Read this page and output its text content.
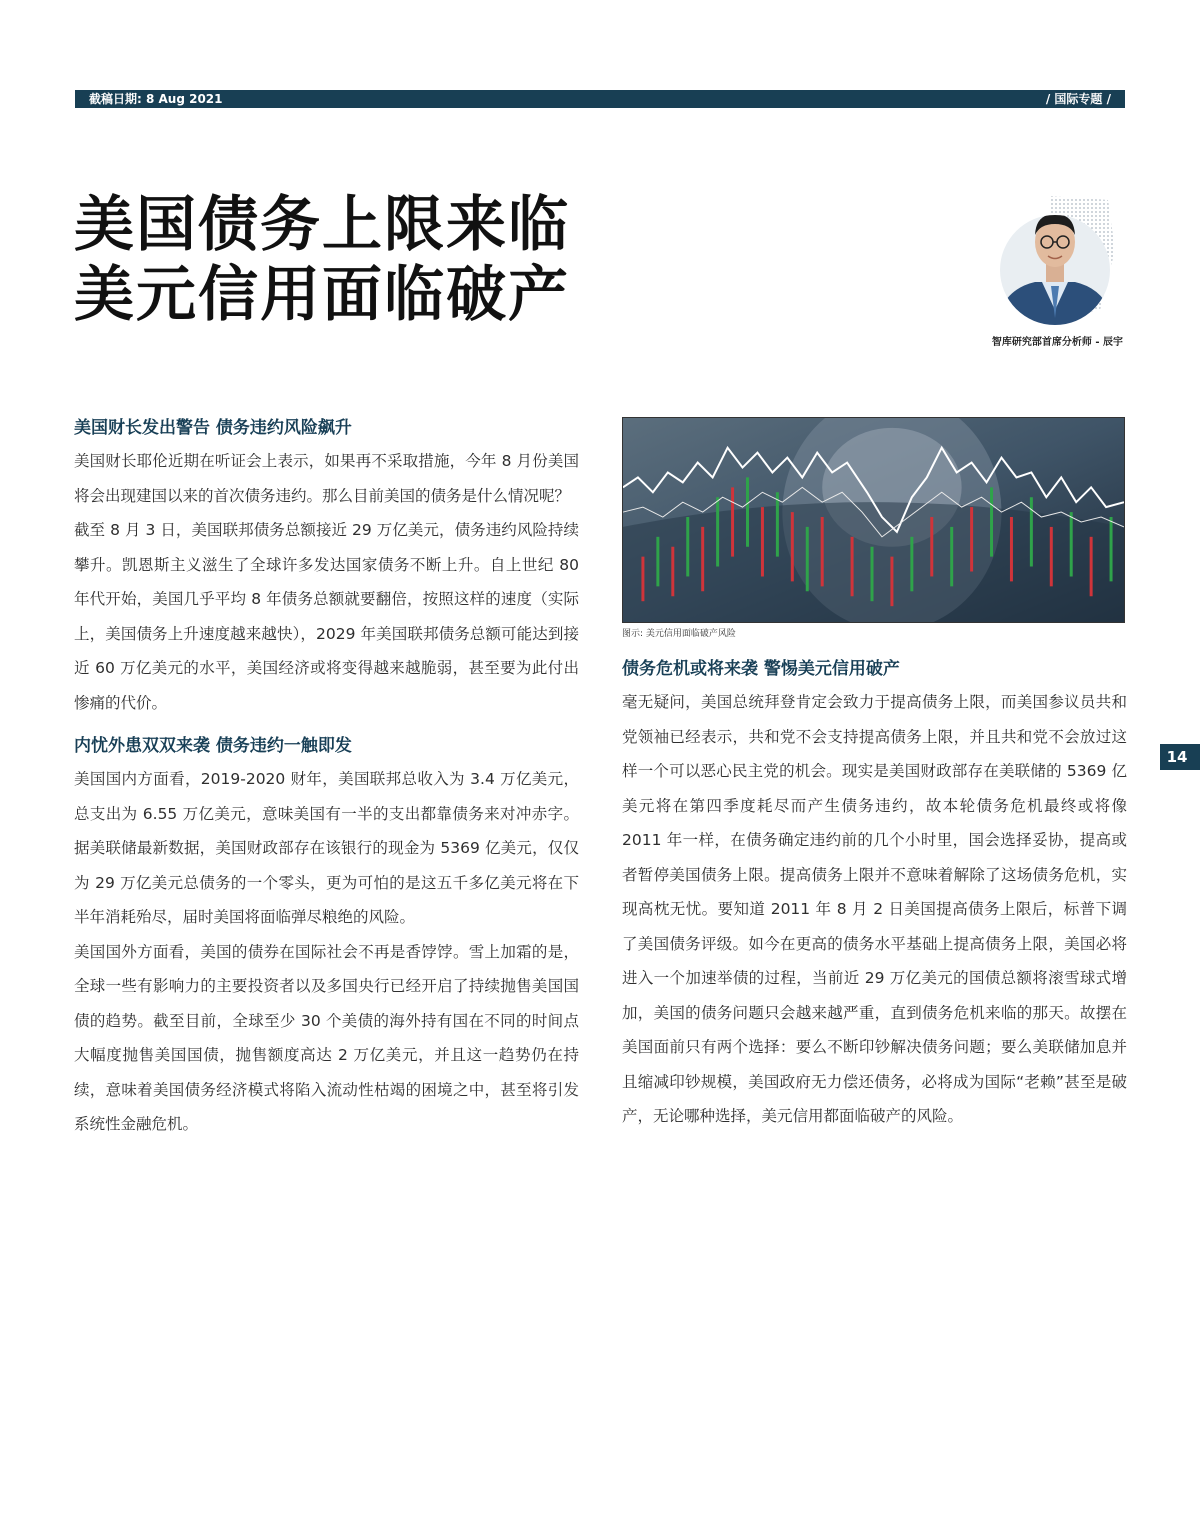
截稿日期: 8 Aug 2021	/ 国际专题 /
美国债务上限来临
美元信用面临破产
智库研究部首席分析师 - 辰宇
图示: 美元信用面临破产风险
美国财长发出警告 债务违约风险飙升

美国财长耶伦近期在听证会上表示，如果再不采取措施，今年 8 月份美国将会出现建国以来的首次债务违约。那么目前美国的债务是什么情况呢？

截至 8 月 3 日，美国联邦债务总额接近 29 万亿美元，债务违约风险持续攀升。凯恩斯主义滋生了全球许多发达国家债务不断上升。自上世纪 80 年代开始，美国几乎平均 8 年债务总额就要翻倍，按照这样的速度（实际上，美国债务上升速度越来越快），2029 年美国联邦债务总额可能达到接近 60 万亿美元的水平，美国经济或将变得越来越脆弱，甚至要为此付出惨痛的代价。

内忧外患双双来袭 债务违约一触即发

美国国内方面看，2019-2020 财年，美国联邦总收入为 3.4 万亿美元，总支出为 6.55 万亿美元，意味美国有一半的支出都靠债务来对冲赤字。据美联储最新数据，美国财政部存在该银行的现金为 5369 亿美元，仅仅为 29 万亿美元总债务的一个零头，更为可怕的是这五千多亿美元将在下半年消耗殆尽，届时美国将面临弹尽粮绝的风险。

美国国外方面看，美国的债券在国际社会不再是香饽饽。雪上加霜的是，全球一些有影响力的主要投资者以及多国央行已经开启了持续抛售美国国债的趋势。截至目前，全球至少 30 个美债的海外持有国在不同的时间点大幅度抛售美国国债，抛售额度高达 2 万亿美元，并且这一趋势仍在持续，意味着美国债务经济模式将陷入流动性枯竭的困境之中，甚至将引发系统性金融危机。

债务危机或将来袭 警惕美元信用破产

毫无疑问，美国总统拜登肯定会致力于提高债务上限，而美国参议员共和党领袖已经表示，共和党不会支持提高债务上限，并且共和党不会放过这样一个可以恶心民主党的机会。现实是美国财政部存在美联储的 5369 亿美元将在第四季度耗尽而产生债务违约，故本轮债务危机最终或将像 2011 年一样，在债务确定违约前的几个小时里，国会选择妥协，提高或者暂停美国债务上限。提高债务上限并不意味着解除了这场债务危机，实现高枕无忧。要知道 2011 年 8 月 2 日美国提高债务上限后，标普下调了美国债务评级。如今在更高的债务水平基础上提高债务上限，美国必将进入一个加速举债的过程，当前近 29 万亿美元的国债总额将滚雪球式增加，美国的债务问题只会越来越严重，直到债务危机来临的那天。故摆在美国面前只有两个选择：要么不断印钞解决债务问题；要么美联储加息并且缩减印钞规模，美国政府无力偿还债务，必将成为国际“老赖”甚至是破产，无论哪种选择，美元信用都面临破产的风险。

14
